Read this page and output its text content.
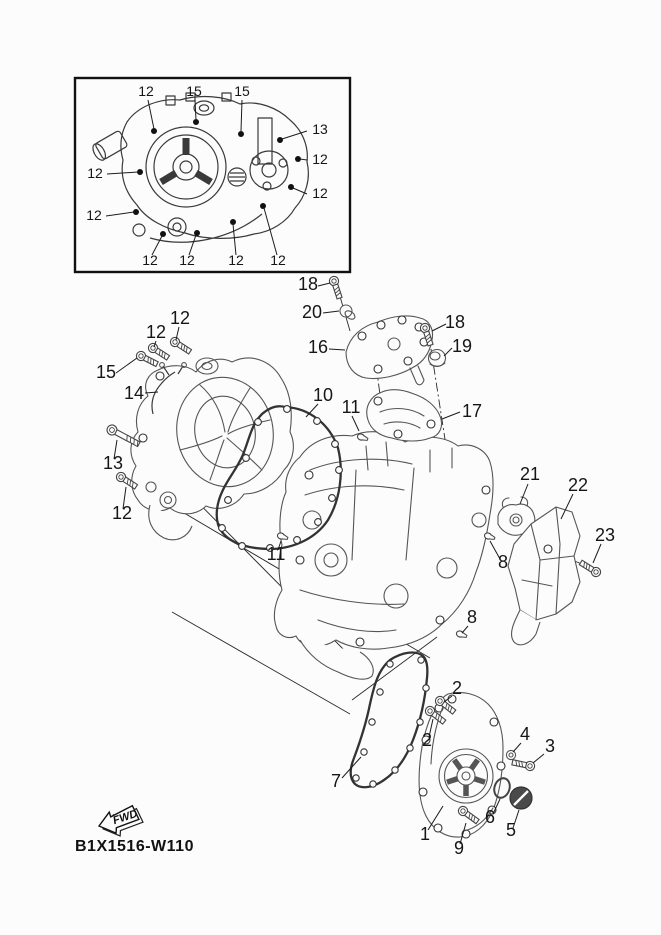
18
20
16
18
19
17
10
11
12
12
15
14
13
12
11
21
22
23
8
8
2
2
7
1
9
4
3
6
5
12 15 15
13
12
12
12
12
12 12 12 12
FWD
B1X1516-W110
